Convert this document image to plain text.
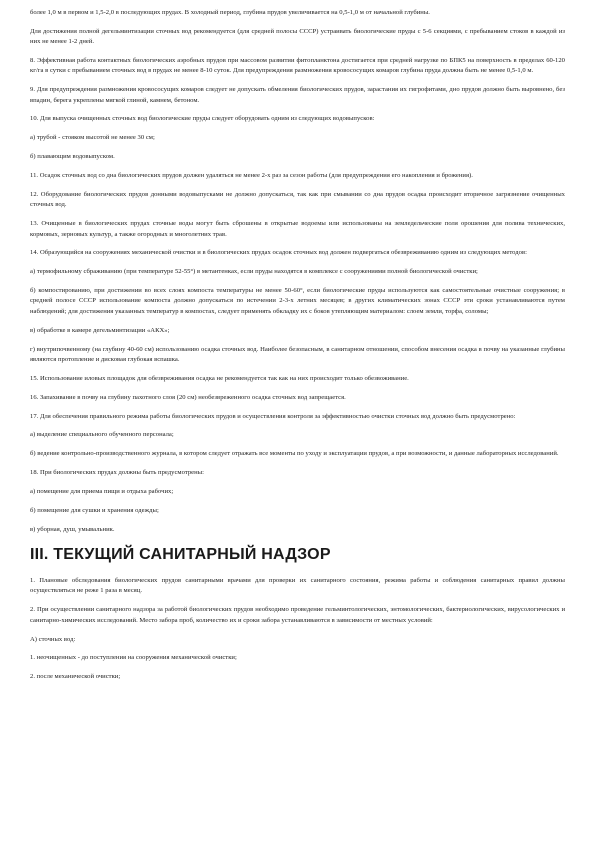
более 1,0 м в первом и 1,5-2,0 в последующих прудах. В холодный период, глубина прудов увеличивается на 0,5-1,0 м от начальной глубины.

Для достижения полной дегельминтизации сточных вод рекомендуется (для средней полосы СССР) устраивать биологические пруды с 5-6 секциями, с пребыванием стоков в каждой из них не менее 1-2 дней.

8. Эффективная работа контактных биологических аэробных прудов при массовом развитии фитопланктона достигается при средней нагрузке по БПК5 на поверхность в пределах 60-120 кг/га в сутки с пребыванием сточных вод в прудах не менее 8-10 суток. Для предупреждения размножения кровососущих комаров глубина пруда должна быть не менее 0,5-1,0 м.

9. Для предупреждения размножения кровососущих комаров следует не допускать обмеления биологических прудов, зарастания их гигрофитами, дно прудов должно быть выровнено, без впадин, берега укреплены мягкой глиной, камнем, бетоном.

10. Для выпуска очищенных сточных вод биологические пруды следует оборудовать одним из следующих водовыпусков:

а) трубой - стояком высотой не менее 30 см;

б) плавающим водовыпуском.

11. Осадок сточных вод со дна биологических прудов должен удаляться не менее 2-х раз за сезон работы (для предупреждения его накопления и брожения).

12. Оборудование биологических прудов донными водовыпусками не должно допускаться, так как при смывании со дна прудов осадка происходит вторичное загрязнение очищенных сточных вод.

13. Очищенные в биологических прудах сточные воды могут быть сброшены в открытые водоемы или использованы на земледельческие поля орошения для полива технических, кормовых, зерновых культур, а также огородных и многолетних трав.

14. Образующийся на сооружениях механической очистки и в биологических прудах осадок сточных вод должен подвергаться обезвреживанию одним из следующих методов:

а) термофильному сбраживанию (при температуре 52-55°) в метантенках, если пруды находятся в комплексе с сооружениями полной биологической очистки;

б) компостированию, при достижении во всех слоях компоста температуры не менее 50-60°, если биологические пруды используются как самостоятельные очистные сооружения; в средней полосе СССР использование компоста должно допускаться по истечении 2-3-х летних месяцев; в других климатических зонах СССР эти сроки устанавливаются путем наблюдений; для достижения указанных температур в компостах, следует применять обкладку их с боков утепляющим материалом: слоем земли, торфа, соломы;

в) обработке в камере дегельминтизации «АКХ»;

г) внутрипочвенному (на глубину 40-60 см) использованию осадка сточных вод. Наиболее безопасным, в санитарном отношении, способом внесения осадка в почву на указанные глубины являются протоп​ление и дисковая глубокая вспашка.

15. Использование иловых площадок для обезвреживания осадка не рекомендуется так как на них происходит только обезвоживание.

16. Запахивание в почву на глубину пахотного слоя (20 см) необезвреженного осадка сточных вод запрещается.

17. Для обеспечения правильного режима работы биологических прудов и осуществления контроля за эффективностью очистки сточных вод должно быть предусмотрено:

а) выделение специального обученного персонала;

б) ведение контрольно-производственного журнала, в котором следует отражать все моменты по уходу и эксплуатации прудов, а при возможности, и данные лабораторных исследований.

18. При биологических прудах должны быть предусмотрены:

а) помещение для приема пищи и отдыха рабочих;

б) помещение для сушки и хранения одежды;

в) уборная, душ, умывальник.

III. ТЕКУЩИЙ САНИТАРНЫЙ НАДЗОР

1. Плановые обследования биологических прудов санитарными врачами для проверки их санитарного состояния, режима работы и соблюдения санитарных правил должны осуществляться не реже 1 раза в месяц.

2. При осуществлении санитарного надзора за работой биологических прудов необходимо проведение гельминтологических, энтомологических, бактериологических, вирусологических и санитарно-химических исследований. Место забора проб, количество их и сроки забора устанавливаются в зависимости от местных условий:

А) сточных вод:

1. неочищенных - до поступления на сооружения механической очистки;

2. после механической очистки;
